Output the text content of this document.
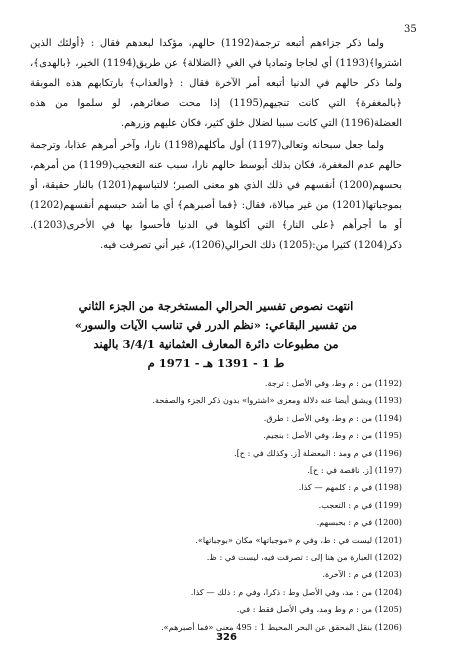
35

ولما ذكر جزاءهم أتبعه ترجمة(1192) حالهم، مؤكدا لبعدهم فقال : ﴿أولئك الذين اشتروا﴾(1193) أي لجاجا وتماديا في الغي ﴿الضلالة﴾ عن طريق(1194) الخير، ﴿بالهدى﴾، ولما ذكر حالهم في الدنيا أتبعه أمر الآخرة فقال : ﴿والعذاب﴾ بارتكابهم هذه الموبقة ﴿بالمغفرة﴾ التي كانت تنجيهم(1195) إذا محت صغائرهم، لو سلموا من هذه العضلة(1196) التي كانت سببا لضلال خلق كثير، فكان عليهم وزرهم.

ولما جعل سبحانه وتعالى(1197) أول مأكلهم(1198) نارا، وآخر أمرهم عذابا، وترجمة حالهم عدم المغفرة، فكان بذلك أبوسط حالهم نارا، سبب عنه التعجيب(1199) من أمرهم، بحسهم(1200) أنفسهم في ذلك الذي هو معنى الصبر؛ لالتباسهم(1201) بالنار حقيقة، أو بموجباتها(1201) من غير مبالاة، فقال: ﴿فما أصبرهم﴾ أي ما أشد حبسهم أنفسهم(1202) أو ما أجرأهم ﴿على النار﴾ التي أكلوها في الدنيا فأحسوا بها في الأخرى(1203). ذكر(1204) كثيرا من:(1205) ذلك الحرالي(1206)، غير أني تصرفت فيه.

انتهت نصوص تفسير الحرالي المستخرجة من الجزء الثاني
من تفسير البقاعي: «نظم الدرر في تناسب الآيات والسور»
من مطبوعات دائرة المعارف العثمانية 3/4/1 بالهند
ط 1 - 1391 هـ - 1971 م
(1192) من : م وط، وفي الأصل : ترجة.
(1193) ويشق أيضا عنه دلالة ومعزى «اشتروا» بدون ذكر الجزء والصفحة.
(1194) من : م وط، وفي الأصل : طرق.
(1195) من : م وط، وفي الأصل : بنجيم.
(1196) في م ومد : المعضلة [ز. وكذلك في : ح].
(1197) [ز. ناقصة في : ح].
(1198) في م : كلمهم — كذا.
(1199) في م : التعجب.
(1200) في م : بحبسهم.
(1201) ليست في : ط، وفي م «موجباتها» مكان «بوجباتها».
(1202) العبارة من هنا إلى : تصرفت فيه، ليست في : ظ.
(1203) في م : الآخرة.
(1204) من : مد، وفي الأصل وط : ذكرا، وفي م : ذلك — كذا.
(1205) من : م وط ومد، وفي الأصل فقط : في.
(1206) بنقل المحقق عن البحر المحيط 1 : 495 معنى «فما أصبرهم».
326
